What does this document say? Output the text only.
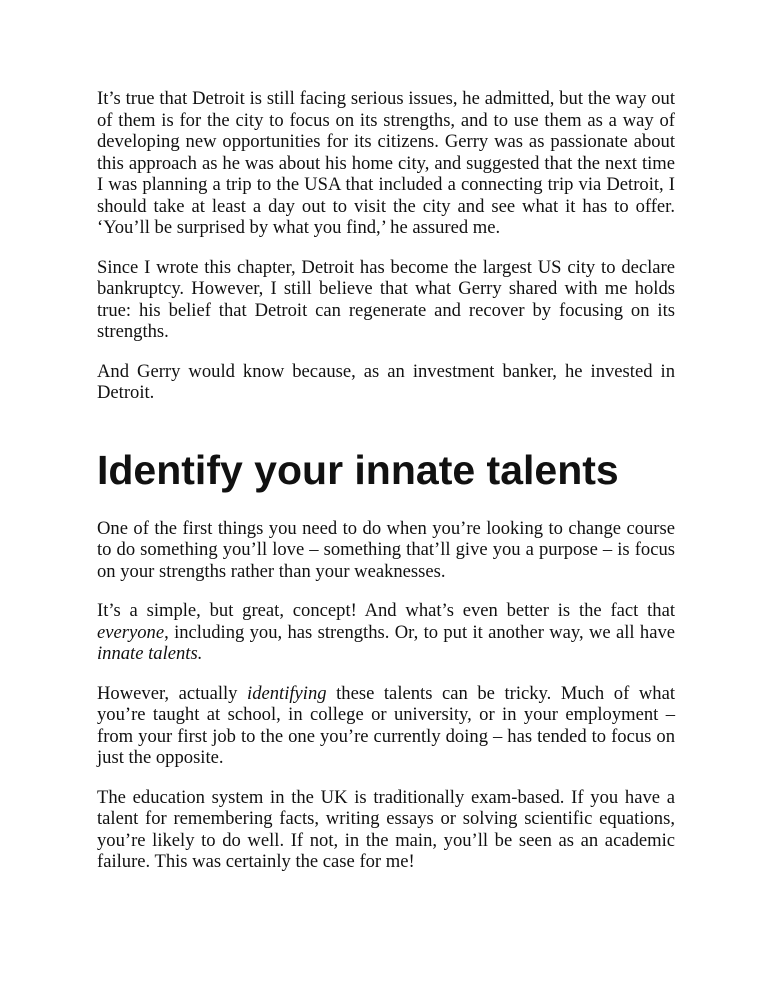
It’s true that Detroit is still facing serious issues, he admitted, but the way out of them is for the city to focus on its strengths, and to use them as a way of developing new opportunities for its citizens. Gerry was as passionate about this approach as he was about his home city, and suggested that the next time I was planning a trip to the USA that included a connecting trip via Detroit, I should take at least a day out to visit the city and see what it has to offer. ‘You’ll be surprised by what you find,’ he assured me.

Since I wrote this chapter, Detroit has become the largest US city to declare bankruptcy. However, I still believe that what Gerry shared with me holds true: his belief that Detroit can regenerate and recover by focusing on its strengths.

And Gerry would know because, as an investment banker, he invested in Detroit.

Identify your innate talents

One of the first things you need to do when you’re looking to change course to do something you’ll love – something that’ll give you a purpose – is focus on your strengths rather than your weaknesses.

It’s a simple, but great, concept! And what’s even better is the fact that everyone, including you, has strengths. Or, to put it another way, we all have innate talents.

However, actually identifying these talents can be tricky. Much of what you’re taught at school, in college or university, or in your employment – from your first job to the one you’re currently doing – has tended to focus on just the opposite.

The education system in the UK is traditionally exam-based. If you have a talent for remembering facts, writing essays or solving scientific equations, you’re likely to do well. If not, in the main, you’ll be seen as an academic failure. This was certainly the case for me!
